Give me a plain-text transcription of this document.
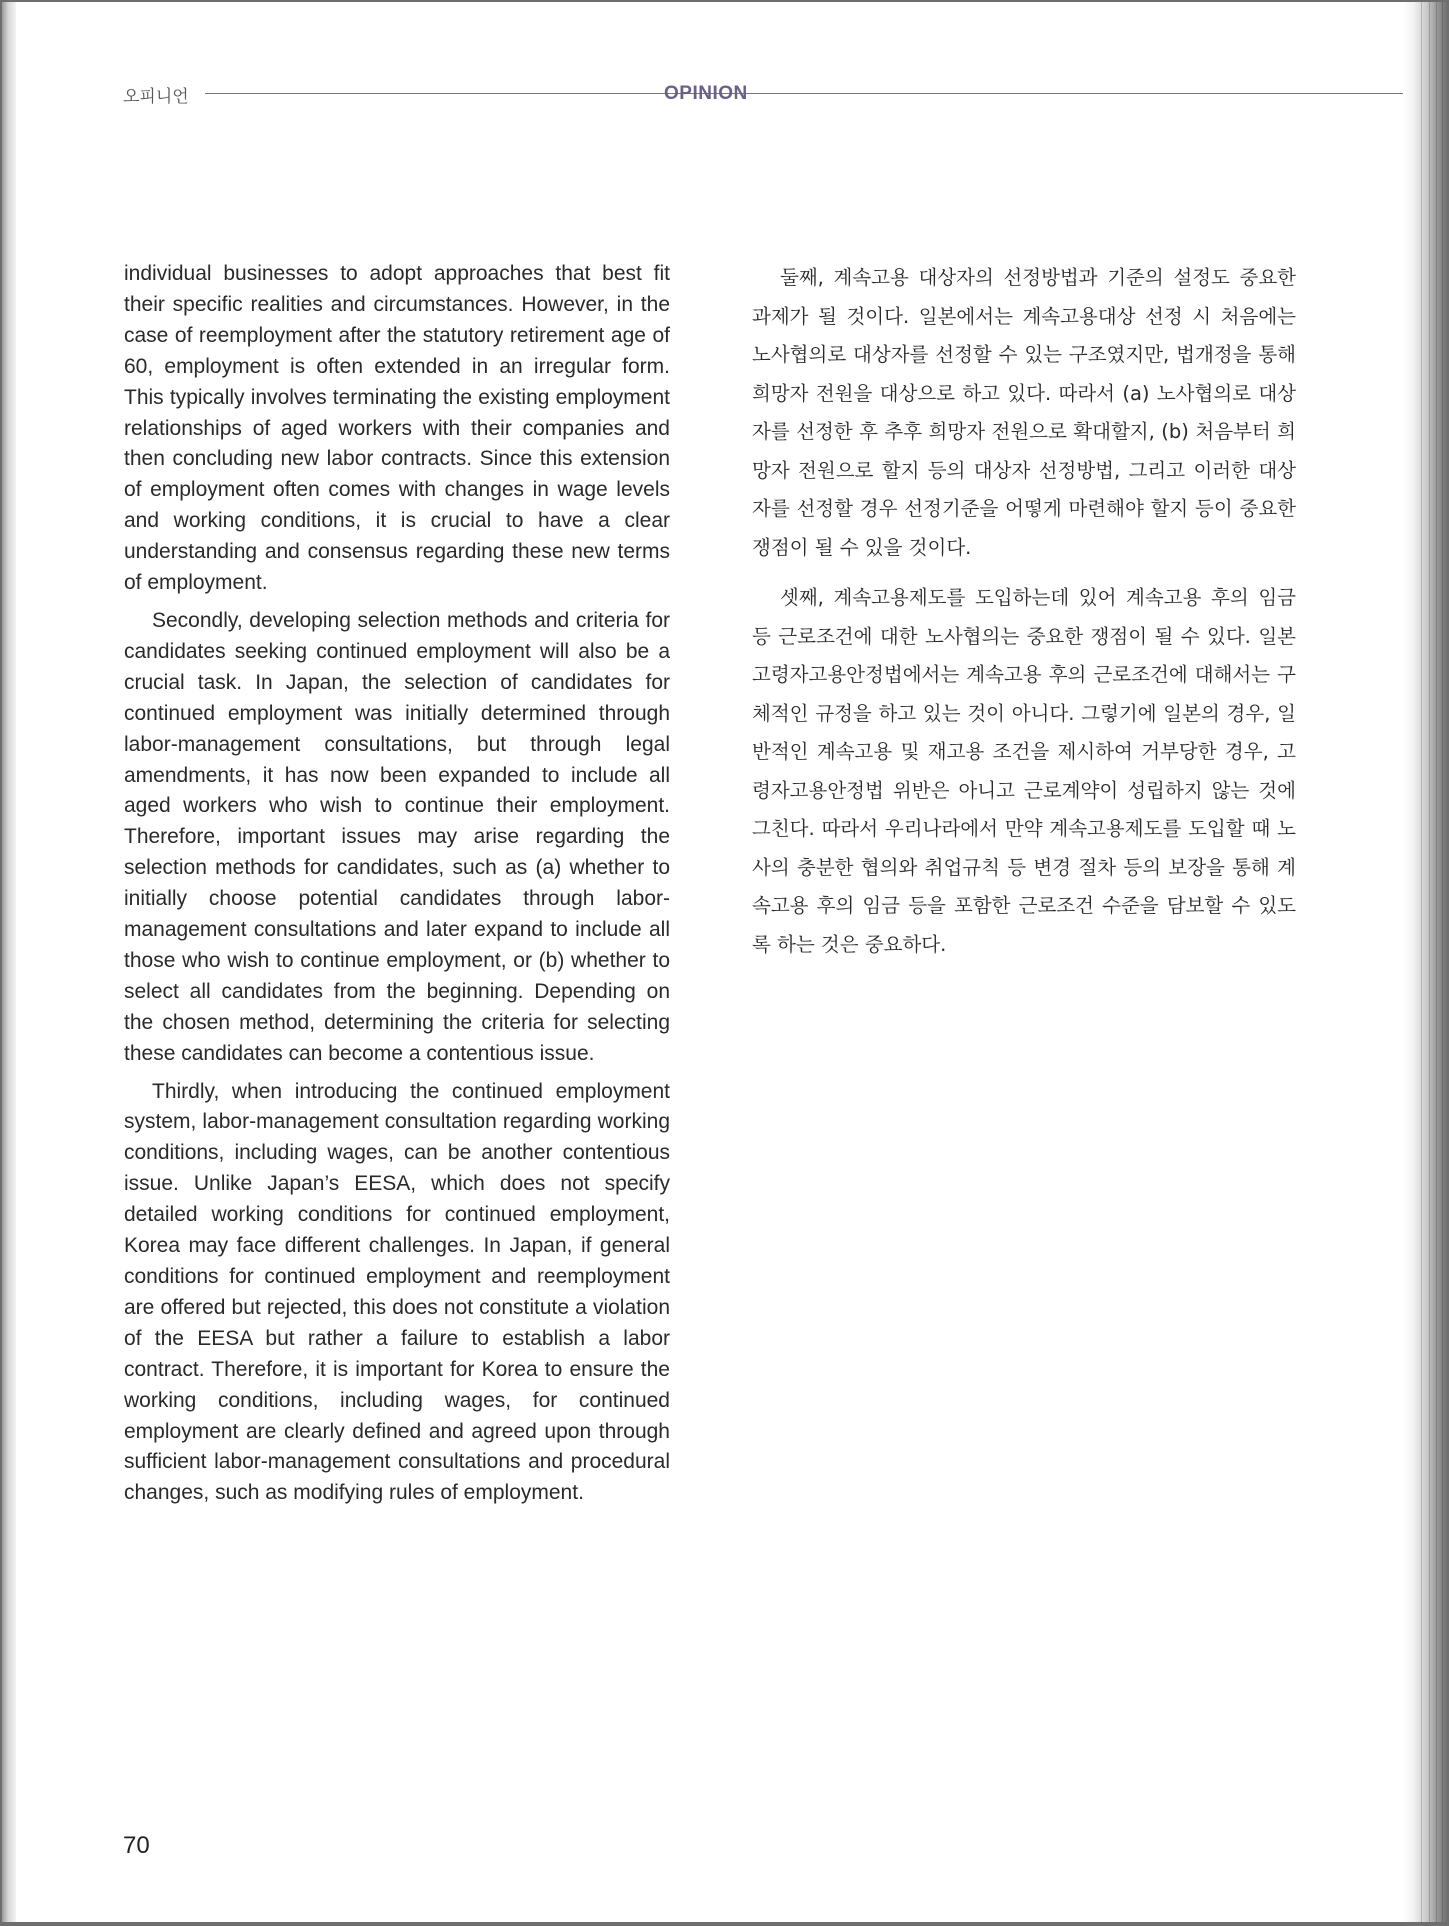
오피니언	OPINION

individual businesses to adopt approaches that best fit their specific realities and circumstances. However, in the case of reemployment after the statutory retirement age of 60, employment is often extended in an irregular form. This typically involves terminating the existing employment relationships of aged workers with their companies and then concluding new labor contracts. Since this extension of employment often comes with changes in wage levels and working conditions, it is crucial to have a clear understanding and consensus regarding these new terms of employment.

Secondly, developing selection methods and criteria for candidates seeking continued employment will also be a crucial task. In Japan, the selection of candidates for continued employment was initially determined through labor-management consultations, but through legal amendments, it has now been expanded to include all aged workers who wish to continue their employment. Therefore, important issues may arise regarding the selection methods for candidates, such as (a) whether to initially choose potential candidates through labor-management consultations and later expand to include all those who wish to continue employment, or (b) whether to select all candidates from the beginning. Depending on the chosen method, determining the criteria for selecting these candidates can become a contentious issue.

Thirdly, when introducing the continued employment system, labor-management consultation regarding working conditions, including wages, can be another contentious issue. Unlike Japan’s EESA, which does not specify detailed working conditions for continued employment, Korea may face different challenges. In Japan, if general conditions for continued employment and reemployment are offered but rejected, this does not constitute a violation of the EESA but rather a failure to establish a labor contract. Therefore, it is important for Korea to ensure the working conditions, including wages, for continued employment are clearly defined and agreed upon through sufficient labor-management consultations and procedural changes, such as modifying rules of employment.

둘째, 계속고용 대상자의 선정방법과 기준의 설정도 중요한 과제가 될 것이다. 일본에서는 계속고용대상 선정 시 처음에는 노사협의로 대상자를 선정할 수 있는 구조였지만, 법개정을 통해 희망자 전원을 대상으로 하고 있다. 따라서 (a) 노사협의로 대상자를 선정한 후 추후 희망자 전원으로 확대할지, (b) 처음부터 희망자 전원으로 할지 등의 대상자 선정방법, 그리고 이러한 대상자를 선정할 경우 선정기준을 어떻게 마련해야 할지 등이 중요한 쟁점이 될 수 있을 것이다.

셋째, 계속고용제도를 도입하는데 있어 계속고용 후의 임금 등 근로조건에 대한 노사협의는 중요한 쟁점이 될 수 있다. 일본 고령자고용안정법에서는 계속고용 후의 근로조건에 대해서는 구체적인 규정을 하고 있는 것이 아니다. 그렇기에 일본의 경우, 일반적인 계속고용 및 재고용 조건을 제시하여 거부당한 경우, 고령자고용안정법 위반은 아니고 근로계약이 성립하지 않는 것에 그친다. 따라서 우리나라에서 만약 계속고용제도를 도입할 때 노사의 충분한 협의와 취업규칙 등 변경 절차 등의 보장을 통해 계속고용 후의 임금 등을 포함한 근로조건 수준을 담보할 수 있도록 하는 것은 중요하다.

70
